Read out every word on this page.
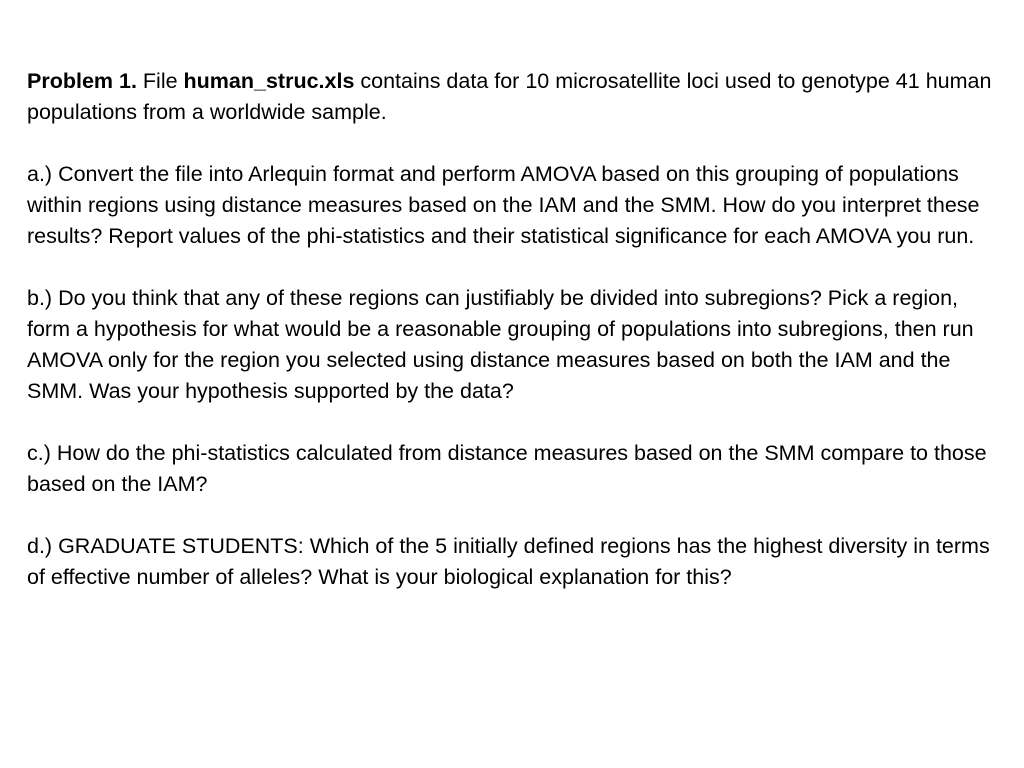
Problem 1. File human_struc.xls contains data for 10 microsatellite loci used to genotype 41 human populations from a worldwide sample.

a.) Convert the file into Arlequin format and perform AMOVA based on this grouping of populations within regions using distance measures based on the IAM and the SMM. How do you interpret these results? Report values of the phi-statistics and their statistical significance for each AMOVA you run.

b.) Do you think that any of these regions can justifiably be divided into subregions? Pick a region, form a hypothesis for what would be a reasonable grouping of populations into subregions, then run AMOVA only for the region you selected using distance measures based on both the IAM and the SMM. Was your hypothesis supported by the data?

c.) How do the phi-statistics calculated from distance measures based on the SMM compare to those based on the IAM?

d.) GRADUATE STUDENTS: Which of the 5 initially defined regions has the highest diversity in terms of effective number of alleles? What is your biological explanation for this?
